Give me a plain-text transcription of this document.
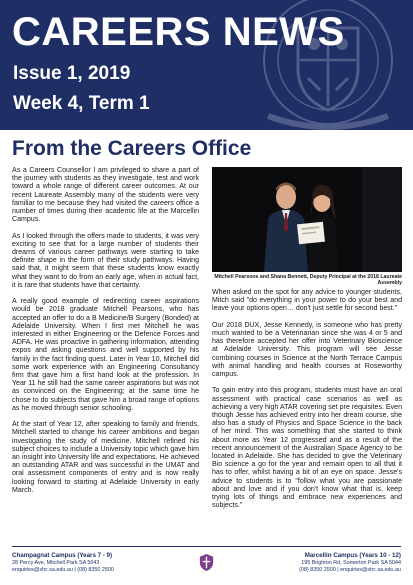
CAREERS NEWS
Issue 1, 2019
Week 4, Term 1
From the Careers Office

As a Careers Counsellor I am privileged to share a part of the journey with students as they investigate, test and work toward a whole range of different career outcomes. At our recent Laureate Assembly many of the students were very familiar to me because they had visited the careers office a number of times during their academic life at the Marcellin Campus.

As I looked through the offers made to students, it was very exciting to see that for a large number of students their dreams of various career pathways were starting to take definite shape in the form of their study pathways. Having said that, it might seem that these students know exactly what they want to do from an early age, when in actual fact, it is rare that students have that certainty.

A really good example of redirecting career aspirations would be 2018 graduate Mitchell Pearsons, who has accepted an offer to do a B Medicine/B Surgery (Bonded) at Adelaide University. When I first met Mitchell he was interested in either Engineering or the Defence Forces and ADFA. He was proactive in gathering information, attending expos and asking questions and well supported by his family in the fact finding quest. Later in Year 10, Mitchell did some work experience with an Engineering Consultancy firm that gave him a first hand look at the profession. In Year 11 he still had the same career aspirations but was not as convinced on the Engineering; at the same time he chose to do subjects that gave him a broad range of options as he moved through senior schooling.

At the start of Year 12, after speaking to family and friends, Mitchell started to change his career ambitions and began investigating the study of medicine. Mitchell refined his subject choices to include a University topic which gave him an insight into University life and expectations. He achieved an outstanding ATAR and was successful in the UMAT and oral assessment components of entry and is now really looking forward to starting at Adelaide University in early March.

Mitchell Pearsons and Shana Bennett, Deputy Principal at the 2018 Laureate Assembly

When asked on the spot for any advice to younger students, Mitch said "do everything in your power to do your best and leave your options open… don't just settle for second best."

Our 2018 DUX, Jesse Kennedy, is someone who has pretty much wanted to be a Veterinarian since she was 4 or 5 and has therefore accepted her offer into Veterinary Bioscience at Adelaide University. This program will see Jesse combining courses in Science at the North Terrace Campus with animal handling and health courses at Roseworthy campus.

To gain entry into this program, students must have an oral assessment with practical case scenarios as well as achieving a very high ATAR covering set pre requisites. Even though Jesse has achieved entry into her dream course, she also has a study of Physics and Space Science in the back of her mind. This was something that she started to think about more as Year 12 progressed and as a result of the recent announcement of the Australian Space Agency to be located in Adelaide. She has decided to give the Veterinary Bio science a go for the year and remain open to all that it has to offer, whilst having a bit of an eye on space. Jesse's advice to students is to "follow what you are passionate about and love and if you don't know what that is, keep trying lots of things and embrace new experiences and subjects."

Champagnat Campus (Years 7 - 9)
28 Percy Ave, Mitchell Park SA 5043
enquiries@shc.sa.edu.au | (08) 8350 2500
Marcellin Campus (Years 10 - 12)
195 Brighton Rd, Somerton Park SA 5044
(08) 8350 2500 | enquiries@shc.sa.edu.au
